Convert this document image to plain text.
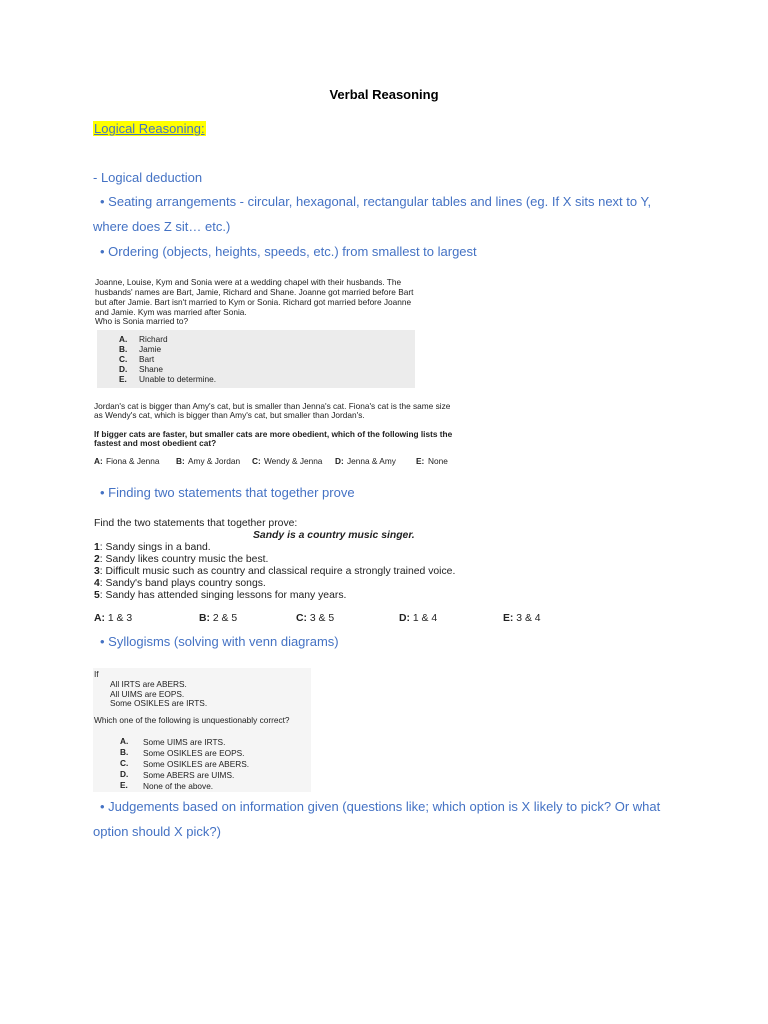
Verbal Reasoning
Logical Reasoning:
- Logical deduction
• Seating arrangements - circular, hexagonal, rectangular tables and lines (eg. If X sits next to Y,
where does Z sit… etc.)
• Ordering (objects, heights, speeds, etc.) from smallest to largest
Joanne, Louise, Kym and Sonia were at a wedding chapel with their husbands. The
husbands' names are Bart, Jamie, Richard and Shane. Joanne got married before Bart
but after Jamie. Bart isn't married to Kym or Sonia. Richard got married before Joanne
and Jamie. Kym was married after Sonia.
Who is Sonia married to?
A. Richard
B. Jamie
C. Bart
D. Shane
E. Unable to determine.
Jordan's cat is bigger than Amy's cat, but is smaller than Jenna's cat. Fiona's cat is the same size
as Wendy's cat, which is bigger than Amy's cat, but smaller than Jordan's.
If bigger cats are faster, but smaller cats are more obedient, which of the following lists the
fastest and most obedient cat?
A: Fiona & Jenna B: Amy & Jordan C: Wendy & Jenna D: Jenna & Amy E: None
• Finding two statements that together prove
Find the two statements that together prove:
Sandy is a country music singer.
1: Sandy sings in a band.
2: Sandy likes country music the best.
3: Difficult music such as country and classical require a strongly trained voice.
4: Sandy's band plays country songs.
5: Sandy has attended singing lessons for many years.
A: 1 & 3	B: 2 & 5	C: 3 & 5	D: 1 & 4	E: 3 & 4
• Syllogisms (solving with venn diagrams)
If
All IRTS are ABERS.
All UIMS are EOPS.
Some OSIKLES are IRTS.
Which one of the following is unquestionably correct?
A. Some UIMS are IRTS.
B. Some OSIKLES are EOPS.
C. Some OSIKLES are ABERS.
D. Some ABERS are UIMS.
E. None of the above.
• Judgements based on information given (questions like; which option is X likely to pick? Or what
option should X pick?)
